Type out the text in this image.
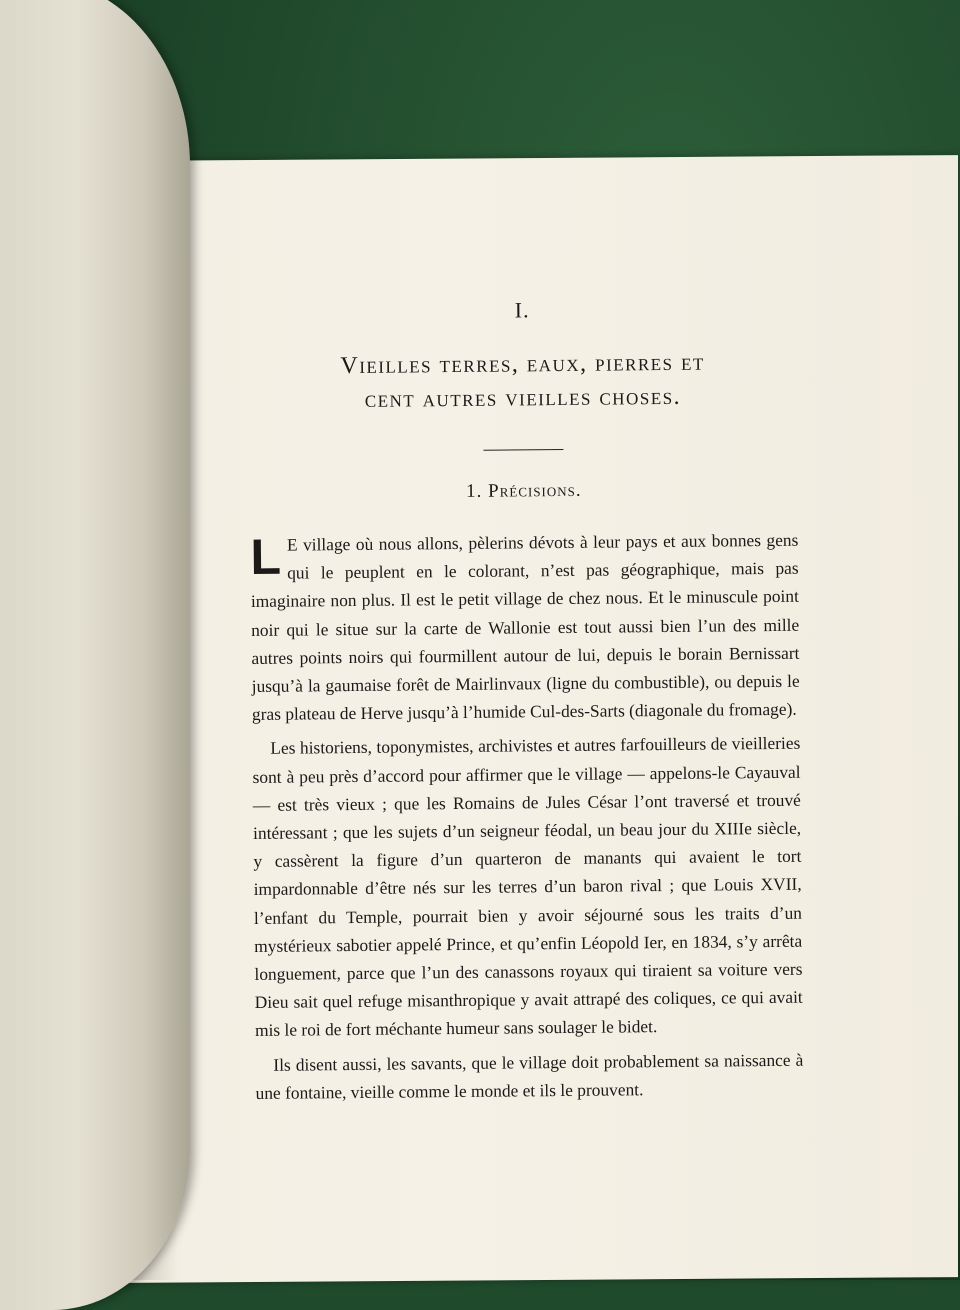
I.
Vieilles terres, eaux, pierres et
cent autres vieilles choses.
1. Précisions.

L E village où nous allons, pèlerins dévots à leur pays et aux bonnes gens qui le peuplent en le colorant, n’est pas géographique, mais pas imaginaire non plus. Il est le petit village de chez nous. Et le minuscule point noir qui le situe sur la carte de Wallonie est tout aussi bien l’un des mille autres points noirs qui fourmillent autour de lui, depuis le borain Bernissart jusqu’à la gaumaise forêt de Mairlinvaux (ligne du combustible), ou depuis le gras plateau de Herve jusqu’à l’humide Cul-des-Sarts (diagonale du fromage).

Les historiens, toponymistes, archivistes et autres farfouilleurs de vieilleries sont à peu près d’accord pour affirmer que le village — appelons-le Cayauval — est très vieux ; que les Romains de Jules César l’ont traversé et trouvé intéressant ; que les sujets d’un seigneur féodal, un beau jour du XIIIe siècle, y cassèrent la figure d’un quarteron de manants qui avaient le tort impardonnable d’être nés sur les terres d’un baron rival ; que Louis XVII, l’enfant du Temple, pourrait bien y avoir séjourné sous les traits d’un mystérieux sabotier appelé Prince, et qu’enfin Léopold Ier, en 1834, s’y arrêta longuement, parce que l’un des canassons royaux qui tiraient sa voiture vers Dieu sait quel refuge misanthropique y avait attrapé des coliques, ce qui avait mis le roi de fort méchante humeur sans soulager le bidet.

Ils disent aussi, les savants, que le village doit probablement sa naissance à une fontaine, vieille comme le monde et ils le prouvent.
